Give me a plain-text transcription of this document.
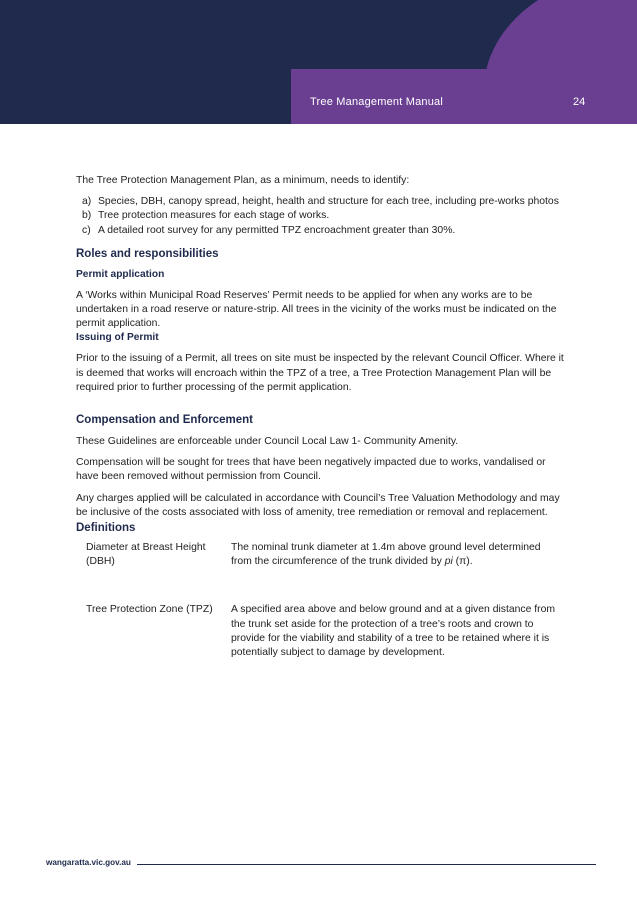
Tree Management Manual	24

The Tree Protection Management Plan, as a minimum, needs to identify:

a) Species, DBH, canopy spread, height, health and structure for each tree, including pre-works photos
b) Tree protection measures for each stage of works.
c) A detailed root survey for any permitted TPZ encroachment greater than 30%.
Roles and responsibilities
Permit application

A ‘Works within Municipal Road Reserves’ Permit needs to be applied for when any works are to be undertaken in a road reserve or nature-strip. All trees in the vicinity of the works must be indicated on the permit application.

Issuing of Permit

Prior to the issuing of a Permit, all trees on site must be inspected by the relevant Council Officer. Where it is deemed that works will encroach within the TPZ of a tree, a Tree Protection Management Plan will be required prior to further processing of the permit application.

Compensation and Enforcement

These Guidelines are enforceable under Council Local Law 1- Community Amenity.

Compensation will be sought for trees that have been negatively impacted due to works, vandalised or have been removed without permission from Council.

Any charges applied will be calculated in accordance with Council’s Tree Valuation Methodology and may be inclusive of the costs associated with loss of amenity, tree remediation or removal and replacement.

Definitions
Diameter at Breast Height (DBH)
The nominal trunk diameter at 1.4m above ground level determined from the circumference of the trunk divided by pi (π).
Tree Protection Zone (TPZ)	A specified area above and below ground and at a given distance from the trunk set aside for the protection of a tree’s roots and crown to provide for the viability and stability of a tree to be retained where it is potentially subject to damage by development.
wangaratta.vic.gov.au
